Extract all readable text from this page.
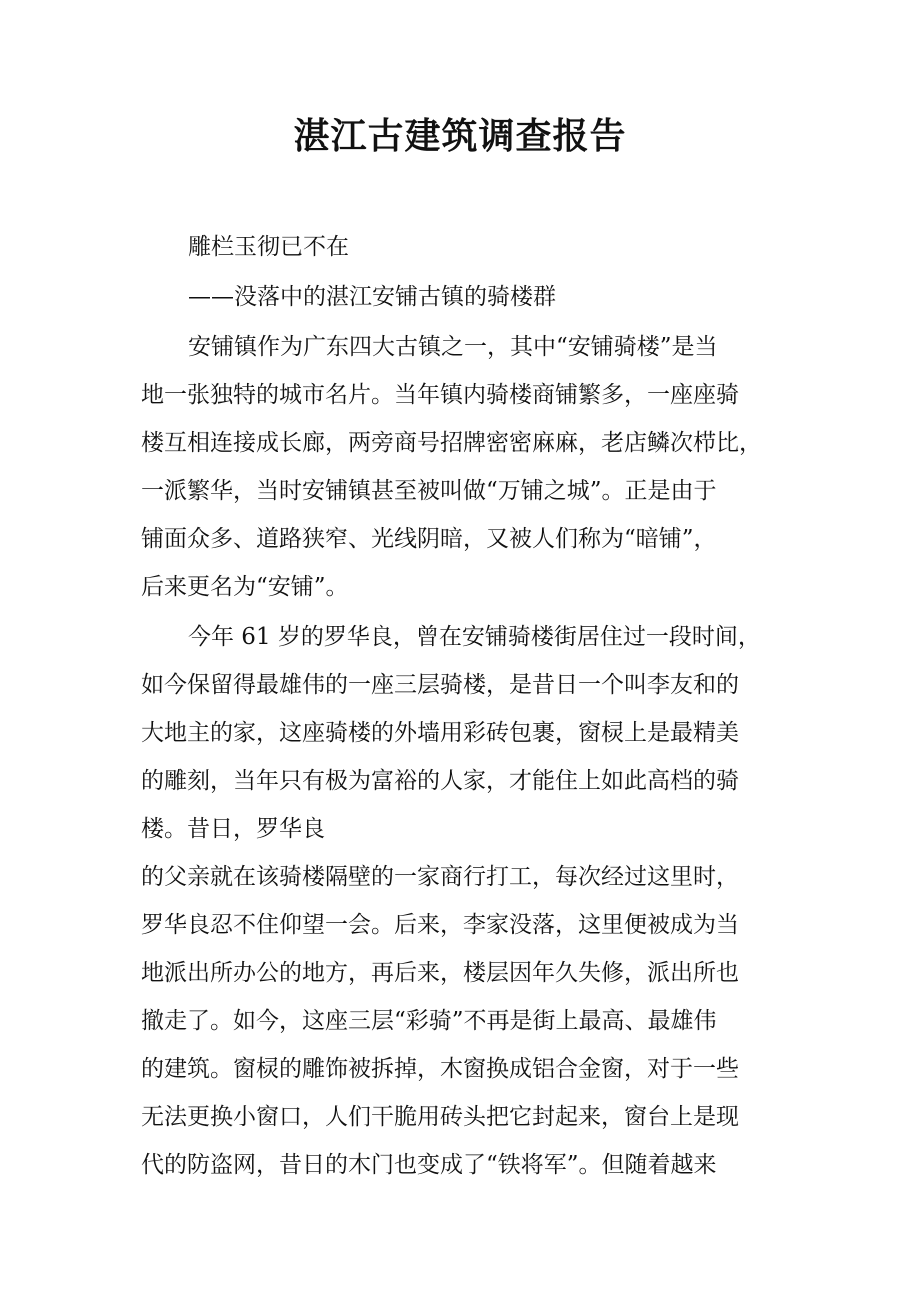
湛江古建筑调查报告

雕栏玉彻已不在

——没落中的湛江安铺古镇的骑楼群

安铺镇作为广东四大古镇之一，其中“安铺骑楼”是当

地一张独特的城市名片。当年镇内骑楼商铺繁多，一座座骑

楼互相连接成长廊，两旁商号招牌密密麻麻，老店鳞次栉比，

一派繁华，当时安铺镇甚至被叫做“万铺之城”。正是由于

铺面众多、道路狭窄、光线阴暗，又被人们称为“暗铺”，

后来更名为“安铺”。

今年 61 岁的罗华良，曾在安铺骑楼街居住过一段时间，

如今保留得最雄伟的一座三层骑楼，是昔日一个叫李友和的

大地主的家，这座骑楼的外墙用彩砖包裹，窗棂上是最精美

的雕刻，当年只有极为富裕的人家，才能住上如此高档的骑

楼。昔日，罗华良

的父亲就在该骑楼隔壁的一家商行打工，每次经过这里时，

罗华良忍不住仰望一会。后来，李家没落，这里便被成为当

地派出所办公的地方，再后来，楼层因年久失修，派出所也

撤走了。如今，这座三层“彩骑”不再是街上最高、最雄伟

的建筑。窗棂的雕饰被拆掉，木窗换成铝合金窗，对于一些

无法更换小窗口，人们干脆用砖头把它封起来，窗台上是现

代的防盗网，昔日的木门也变成了“铁将军”。但随着越来
